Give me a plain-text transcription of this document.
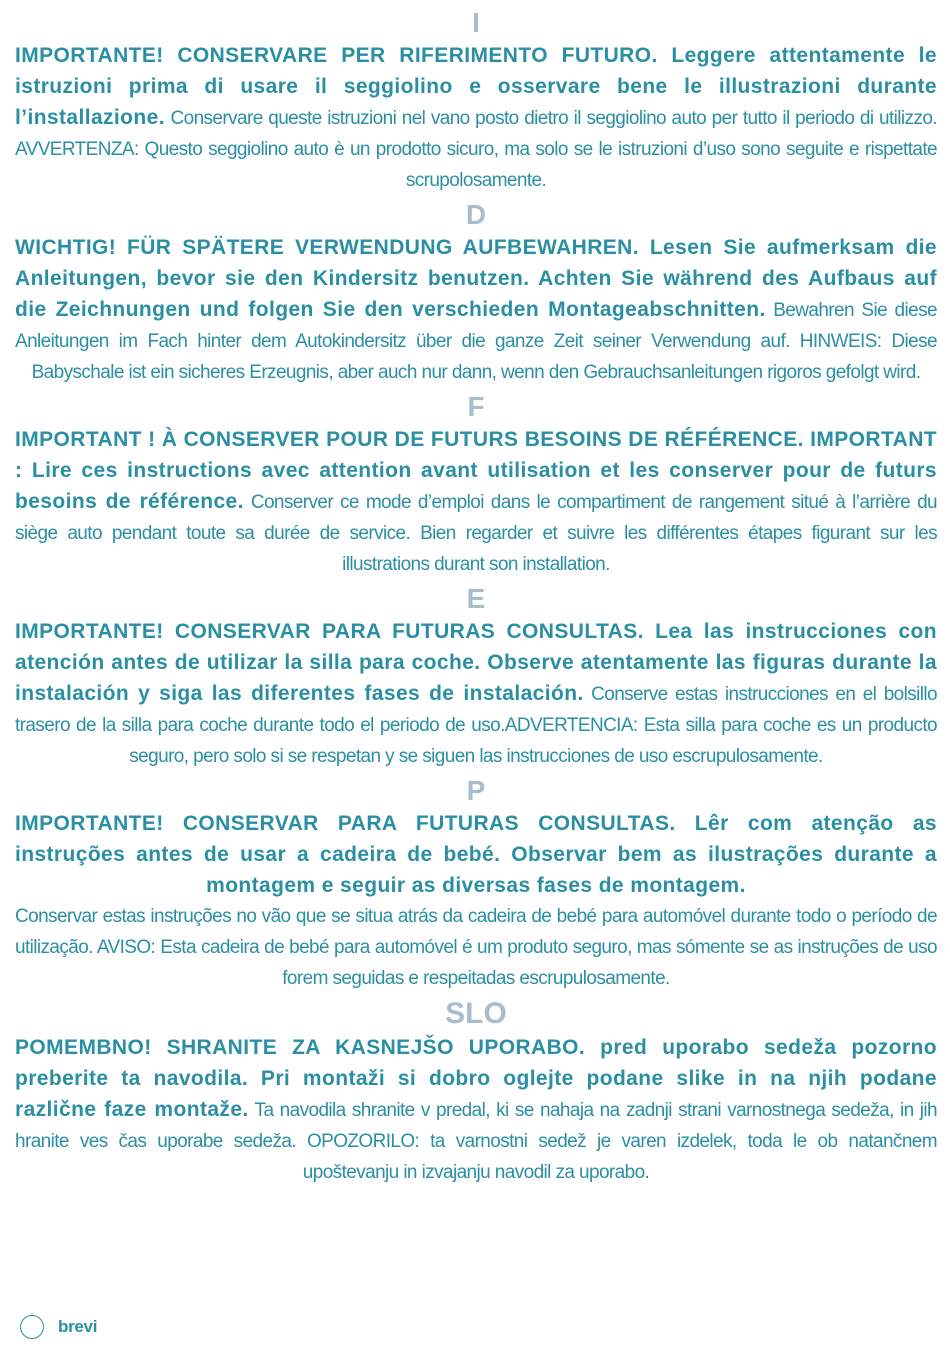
I

IMPORTANTE! CONSERVARE PER RIFERIMENTO FUTURO. Leggere attentamente le istruzioni prima di usare il seggiolino e osservare bene le illustrazioni durante l’installazione. Conservare queste istruzioni nel vano posto dietro il seggiolino auto per tutto il periodo di utilizzo. AVVERTENZA: Questo seggiolino auto è un prodotto sicuro, ma solo se le istruzioni d’uso sono seguite e rispettate scrupolosamente.

D

WICHTIG! FÜR SPÄTERE VERWENDUNG AUFBEWAHREN. Lesen Sie aufmerksam die Anleitungen, bevor sie den Kindersitz benutzen. Achten Sie während des Aufbaus auf die Zeichnungen und folgen Sie den verschieden Montageabschnitten. Bewahren Sie diese Anleitungen im Fach hinter dem Autokindersitz über die ganze Zeit seiner Verwendung auf. HINWEIS: Diese Babyschale ist ein sicheres Erzeugnis, aber auch nur dann, wenn den Gebrauchsanleitungen rigoros gefolgt wird.

F

IMPORTANT ! À CONSERVER POUR DE FUTURS BESOINS DE RÉFÉRENCE. IMPORTANT : Lire ces instructions avec attention avant utilisation et les conserver pour de futurs besoins de référence. Conserver ce mode d’emploi dans le compartiment de rangement situé à l’arrière du siège auto pendant toute sa durée de service. Bien regarder et suivre les différentes étapes figurant sur les illustrations durant son installation.

E

IMPORTANTE! CONSERVAR PARA FUTURAS CONSULTAS. Lea las instrucciones con atención antes de utilizar la silla para coche. Observe atentamente las figuras durante la instalación y siga las diferentes fases de instalación. Conserve estas instrucciones en el bolsillo trasero de la silla para coche durante todo el periodo de uso.ADVERTENCIA: Esta silla para coche es un producto seguro, pero solo si se respetan y se siguen las instrucciones de uso escrupulosamente.

P

IMPORTANTE! CONSERVAR PARA FUTURAS CONSULTAS. Lêr com atenção as instruções antes de usar a cadeira de bebé. Observar bem as ilustrações durante a montagem e seguir as diversas fases de montagem.

Conservar estas instruções no vão que se situa atrás da cadeira de bebé para automóvel durante todo o período de utilização. AVISO: Esta cadeira de bebé para automóvel é um produto seguro, mas sómente se as instruções de uso forem seguidas e respeitadas escrupulosamente.

SLO

POMEMBNO! SHRANITE ZA KASNEJŠO UPORABO. pred uporabo sedeža pozorno preberite ta navodila. Pri montaži si dobro oglejte podane slike in na njih podane različne faze montaže. Ta navodila shranite v predal, ki se nahaja na zadnji strani varnostnega sedeža, in jih hranite ves čas uporabe sedeža. OPOZORILO: ta varnostni sedež je varen izdelek, toda le ob natančnem upoštevanju in izvajanju navodil za uporabo.

brevi
